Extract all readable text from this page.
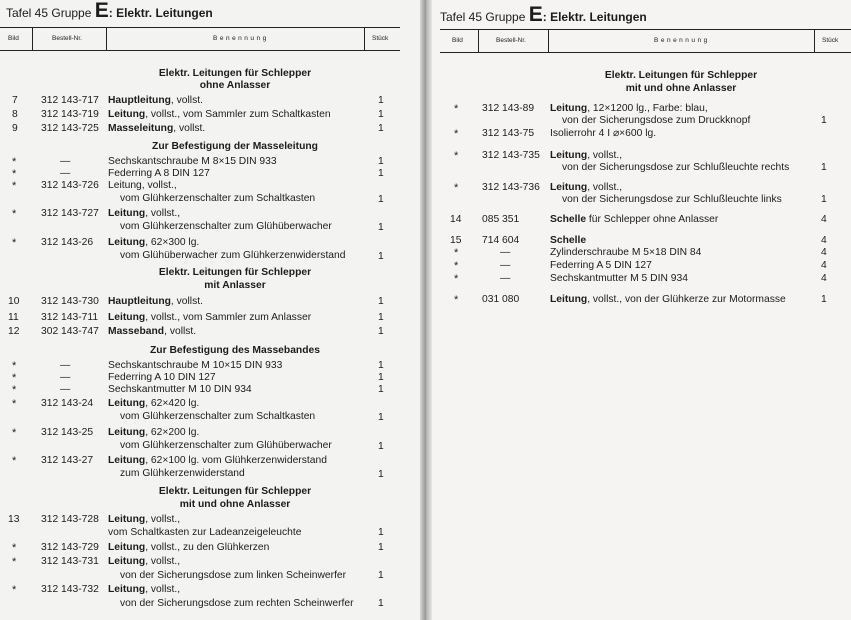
Tafel 45 Gruppe E: Elektr. Leitungen
Bild	Bestell-Nr.	Benennung	Stück
Elektr. Leitungen für Schlepper
ohne Anlasser
7 312 143-717 Hauptleitung, vollst.	1
8 312 143-719 Leitung, vollst., vom Sammler zum Schaltkasten	1
9 312 143-725 Masseleitung, vollst.	1
Zur Befestigung der Masseleitung
*	—	Sechskantschraube M 8×15 DIN 933	1
*	—	Federring A 8 DIN 127	1
* 312 143-726 Leitung, vollst.,
vom Glühkerzenschalter zum Schaltkasten	1
* 312 143-727 Leitung, vollst.,
vom Glühkerzenschalter zum Glühüberwacher	1
* 312 143-26 Leitung, 62×300 lg.
vom Glühüberwacher zum Glühkerzenwiderstand	1
Elektr. Leitungen für Schlepper
mit Anlasser
10 312 143-730 Hauptleitung, vollst.	1
11 312 143-711 Leitung, vollst., vom Sammler zum Anlasser	1
12 302 143-747 Masseband, vollst.	1
Zur Befestigung des Massebandes
*	—	Sechskantschraube M 10×15 DIN 933	1
*	—	Federring A 10 DIN 127	1
*	—	Sechskantmutter M 10 DIN 934	1
* 312 143-24 Leitung, 62×420 lg.
vom Glühkerzenschalter zum Schaltkasten	1
* 312 143-25 Leitung, 62×200 lg.
vom Glühkerzenschalter zum Glühüberwacher	1
* 312 143-27 Leitung, 62×100 lg. vom Glühkerzenwiderstand
zum Glühkerzenwiderstand	1
Elektr. Leitungen für Schlepper
mit und ohne Anlasser
13 312 143-728 Leitung, vollst.,
vom Schaltkasten zur Ladeanzeigeleuchte	1
* 312 143-729 Leitung, vollst., zu den Glühkerzen	1
* 312 143-731 Leitung, vollst.,
von der Sicherungsdose zum linken Scheinwerfer	1
* 312 143-732 Leitung, vollst.,
von der Sicherungsdose zum rechten Scheinwerfer 1
Tafel 45 Gruppe E: Elektr. Leitungen
Bild	Bestell-Nr.	Benennung	Stück
Elektr. Leitungen für Schlepper
mit und ohne Anlasser
* 312 143-89 Leitung, 12×1200 lg., Farbe: blau,
von der Sicherungsdose zum Druckknopf	1
* 312 143-75 Isolierrohr 4 I ⌀×600 lg.
* 312 143-735 Leitung, vollst.,
von der Sicherungsdose zur Schlußleuchte rechts	1
* 312 143-736 Leitung, vollst.,
von der Sicherungsdose zur Schlußleuchte links	1
14 085 351	Schelle für Schlepper ohne Anlasser	4
15 714 604	Schelle	4
*	—	Zylinderschraube M 5×18 DIN 84	4
*	—	Federring A 5 DIN 127	4
*	—	Sechskantmutter M 5 DIN 934	4
* 031 080	Leitung, vollst., von der Glühkerze zur Motormasse	1
